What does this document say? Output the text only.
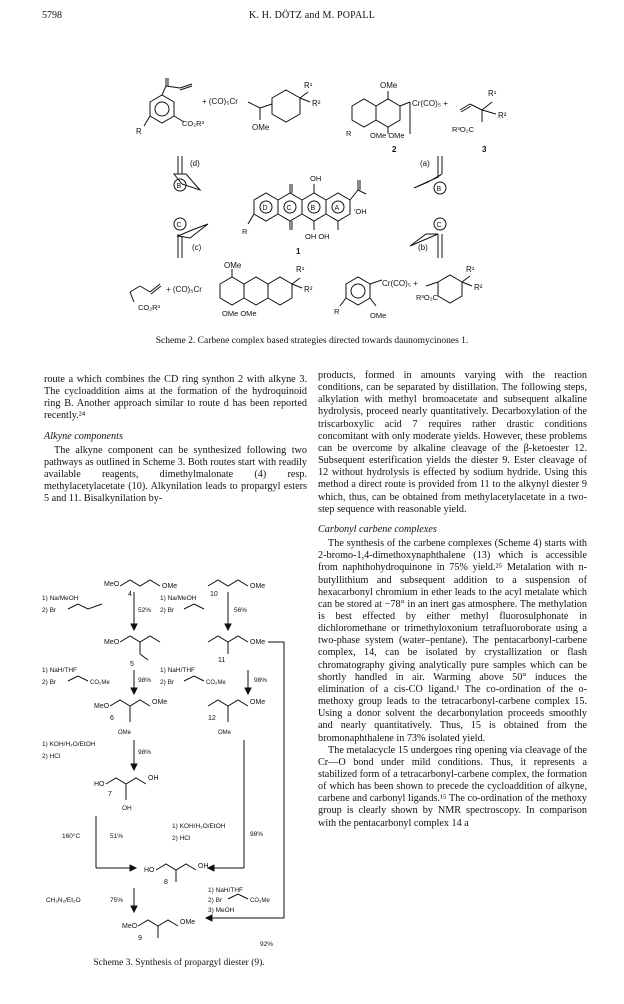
5798	K. H. DÖTZ and M. POPALL
R
CO₂R³
+ (CO)₅Cr
OMe
R¹
R²
OMe
Cr(CO)₅ +
R OMe OMe
2
R¹
R²
R³O₂C
3
(d)
B
(a)
B
C
(c)
C
(b)
D	C	B	A
OH
'OH
R
OH OH
1
CO₂R³
+ (CO)₅Cr
OMe	R¹
R²
OMe OMe
Cr(CO)₅ +
R	OMe
R³O₂C
R¹
R²
Scheme 2. Carbene complex based strategies directed towards daunomycinones 1.

route a which combines the CD ring synthon 2 with alkyne 3. The cycloaddition aims at the formation of the hydroquinoid ring B. Another approach similar to route d has been reported recently.²⁴

Alkyne components

The alkyne component can be synthesized following two pathways as outlined in Scheme 3. Both routes start with readily available reagents, dimethylmalonate (4) resp. methylacetylacetate (10). Alkynilation leads to propargyl esters 5 and 11. Bisalkynilation by-

MeO	OMe
4
1) Na/MeOH
2) Br	52%
MeO
5
1) NaH/THF
2) Br	CO₂Me	98%
MeO
OMe
6
OMe
1) KOH/H₂O/EtOH
2) HCl
98%
HO
OH
7
OH
160°C	51%
HO
OH
8
CH₂N₂/Et₂O	75%
MeO
OMe
9
OMe
10
1) Na/MeOH
2) Br	56%
OMe
11
1) NaH/THF
2) Br	CO₂Me	98%
OMe
12
OMe
1) KOH/H₂O/EtOH
2) HCl
98%
1) NaH/THF
2) Br
3) MeOH
CO₂Me
92%
Scheme 3. Synthesis of propargyl diester (9).

products, formed in amounts varying with the reaction conditions, can be separated by distillation. The following steps, alkylation with methyl bromoacetate and subsequent alkaline hydrolysis, proceed nearly quantitatively. Decarboxylation of the triscarboxylic acid 7 requires rather drastic conditions concomitant with only moderate yields. However, these problems can be overcome by alkaline cleavage of the β-ketoester 12. Subsequent esterification yields the diester 9. Ester cleavage of 12 without hydrolysis is effected by sodium hydride. Using this method a direct route is provided from 11 to the alkynyl diester 9 which, thus, can be obtained from methylacetylacetate in a two-step sequence with reasonable yield.

Carbonyl carbene complexes

The synthesis of the carbene complexes (Scheme 4) starts with 2-bromo-1,4-dimethoxynaphthalene (13) which is accessible from naphthohydroquinone in 75% yield.²⁵ Metalation with n-butyllithium and subsequent addition to a suspension of hexacarbonyl chromium in ether leads to the acyl metalate which can be stored at −78° in an inert gas atmosphere. The methylation is best effected by either methyl fluorosulphonate in dichloromethane or trimethyloxonium tetrafluoroborate using a two-phase system (water–pentane). The pentacarbonyl-carbene complex, 14, can be isolated by crystallization or flash chromatography giving analytically pure samples which can be shortly handled in air. Warming above 50° induces the elimination of a cis-CO ligand.¹ The co-ordination of the o-methoxy group leads to the tetracarbonyl-carbene complex 15. Using a donor solvent the decarbonylation proceeds smoothly and nearly quantitatively. Thus, 15 is obtained from the bromonaphthalene in 73% isolated yield.

The metalacycle 15 undergoes ring opening via cleavage of the Cr—O bond under mild conditions. Thus, it represents a stabilized form of a tetracarbonyl-carbene complex, the formation of which has been shown to precede the cycloaddition of alkyne, carbene and carbonyl ligands.¹⁵ The co-ordination of the methoxy group is clearly shown by NMR spectroscopy. In comparison with the pentacarbonyl complex 14 a
